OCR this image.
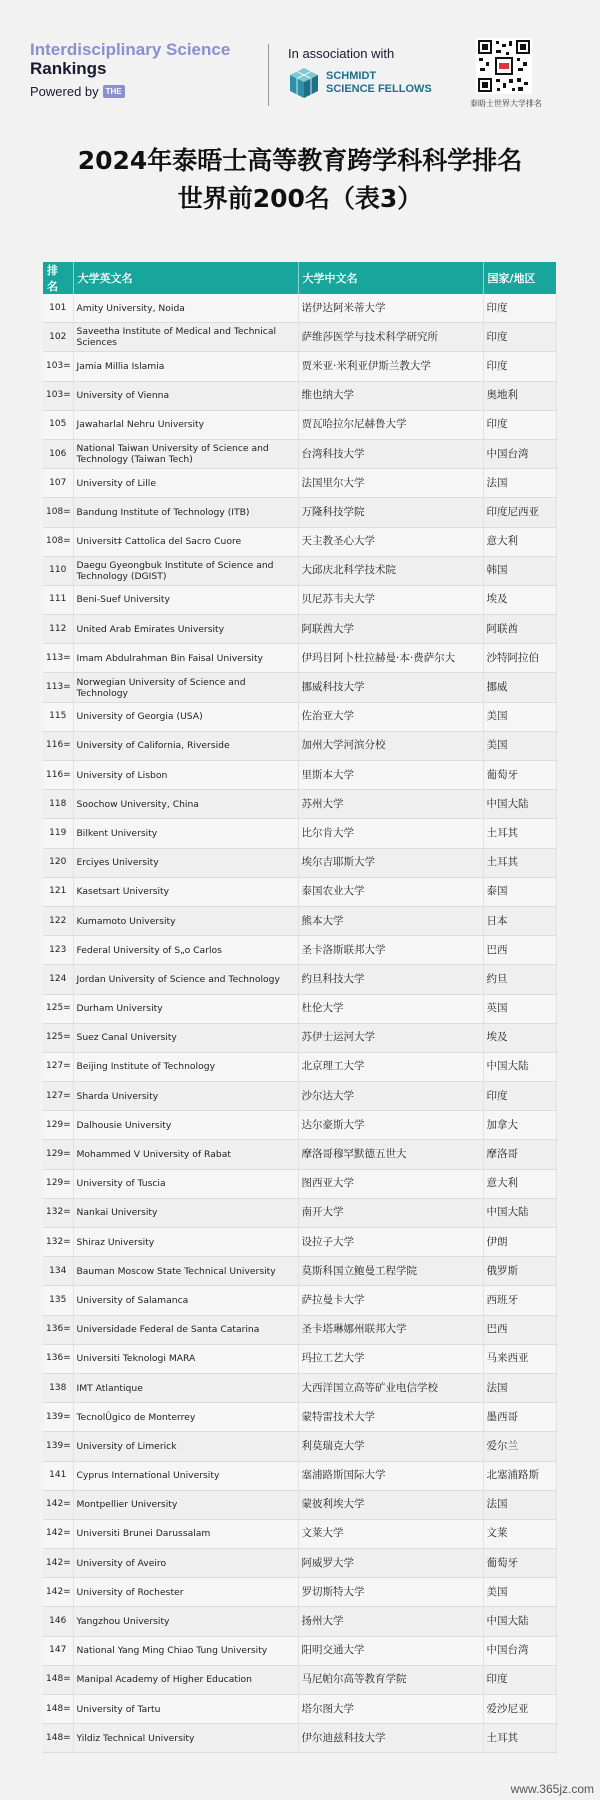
Interdisciplinary Science
Rankings
Powered by THE
In association with
SCHMIDT
SCIENCE FELLOWS
泰晤士世界大学排名
2024年泰晤士高等教育跨学科科学排名
世界前200名（表3）
排名	大学英文名	大学中文名	国家/地区
101	Amity University, Noida	诺伊达阿米蒂大学	印度
102	Saveetha Institute of Medical and Technical Sciences	萨维莎医学与技术科学研究所	印度
103=	Jamia Millia Islamia	贾米亚·米利亚伊斯兰教大学	印度
103=	University of Vienna	维也纳大学	奥地利
105	Jawaharlal Nehru University	贾瓦哈拉尔尼赫鲁大学	印度
106	National Taiwan University of Science and Technology (Taiwan Tech)	台湾科技大学	中国台湾
107	University of Lille	法国里尔大学	法国
108=	Bandung Institute of Technology (ITB)	万隆科技学院	印度尼西亚
108=	Universit‡ Cattolica del Sacro Cuore	天主教圣心大学	意大利
110	Daegu Gyeongbuk Institute of Science and Technology (DGIST)	大邱庆北科学技术院	韩国
111	Beni-Suef University	贝尼苏韦夫大学	埃及
112	United Arab Emirates University	阿联酋大学	阿联酋
113=	Imam Abdulrahman Bin Faisal University	伊玛目阿卜杜拉赫曼·本·费萨尔大	沙特阿拉伯
113=	Norwegian University of Science and Technology	挪威科技大学	挪威
115	University of Georgia (USA)	佐治亚大学	美国
116=	University of California, Riverside	加州大学河滨分校	美国
116=	University of Lisbon	里斯本大学	葡萄牙
118	Soochow University, China	苏州大学	中国大陆
119	Bilkent University	比尔肯大学	土耳其
120	Erciyes University	埃尔吉耶斯大学	土耳其
121	Kasetsart University	泰国农业大学	泰国
122	Kumamoto University	熊本大学	日本
123	Federal University of S„o Carlos	圣卡洛斯联邦大学	巴西
124	Jordan University of Science and Technology	约旦科技大学	约旦
125=	Durham University	杜伦大学	英国
125=	Suez Canal University	苏伊士运河大学	埃及
127=	Beijing Institute of Technology	北京理工大学	中国大陆
127=	Sharda University	沙尔达大学	印度
129=	Dalhousie University	达尔豪斯大学	加拿大
129=	Mohammed V University of Rabat	摩洛哥穆罕默德五世大	摩洛哥
129=	University of Tuscia	图西亚大学	意大利
132=	Nankai University	南开大学	中国大陆
132=	Shiraz University	设拉子大学	伊朗
134	Bauman Moscow State Technical University	莫斯科国立鲍曼工程学院	俄罗斯
135	University of Salamanca	萨拉曼卡大学	西班牙
136=	Universidade Federal de Santa Catarina	圣卡塔琳娜州联邦大学	巴西
136=	Universiti Teknologi MARA	玛拉工艺大学	马来西亚
138	IMT Atlantique	大西洋国立高等矿业电信学校	法国
139=	TecnolÛgico de Monterrey	蒙特雷技术大学	墨西哥
139=	University of Limerick	利莫瑞克大学	爱尔兰
141	Cyprus International University	塞浦路斯国际大学	北塞浦路斯
142=	Montpellier University	蒙彼利埃大学	法国
142=	Universiti Brunei Darussalam	文莱大学	文莱
142=	University of Aveiro	阿威罗大学	葡萄牙
142=	University of Rochester	罗切斯特大学	美国
146	Yangzhou University	扬州大学	中国大陆
147	National Yang Ming Chiao Tung University	阳明交通大学	中国台湾
148=	Manipal Academy of Higher Education	马尼帕尔高等教育学院	印度
148=	University of Tartu	塔尔图大学	爱沙尼亚
148=	Yildiz Technical University	伊尔迪兹科技大学	土耳其
www.365jz.com
